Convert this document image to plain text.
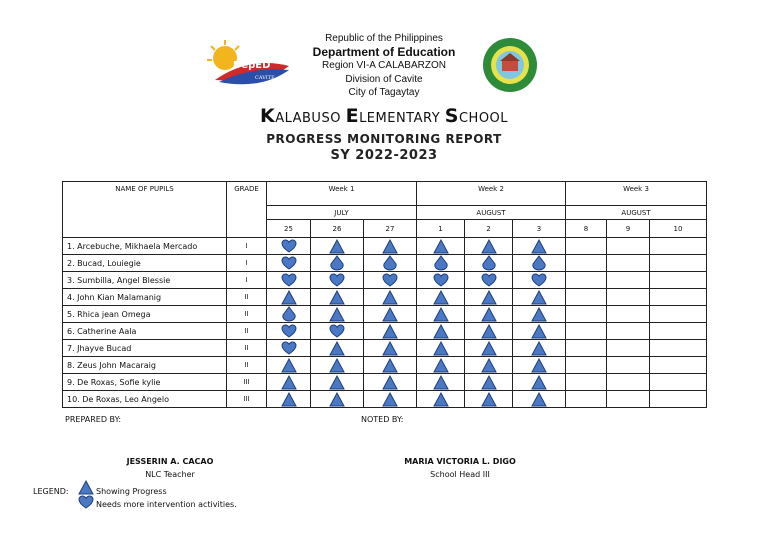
DepED
CAVITE
Republic of the Philippines
Department of Education
Region VI-A CALABARZON
Division of Cavite
City of Tagaytay
KALABUSO ELEMENTARY SCHOOL
PROGRESS MONITORING REPORT
SY 2022-2023
NAME OF PUPILS	GRADE	Week 1			Week 2			Week 3		
		JULY			AUGUST			AUGUST		
		25	26	27	1	2	3	8	9	10
1. Arcebuche, Mikhaela Mercado	I	

2. Bucad, Louiegie	I	

3. Sumbilla, Angel Blessie	I	

4. John Kian Malamanig	II	

5. Rhica jean Omega	II	

6. Catherine Aala	II	

7. Jhayve Bucad	II	

8. Zeus John Macaraig	II	

9. De Roxas, Sofie kylie	III	

10. De Roxas, Leo Angelo	III	

PREPARED BY:	NOTED BY:
JESSERIN A. CACAO
NLC Teacher
MARIA VICTORIA L. DIGO
School Head III
LEGEND:	Showing Progress
Needs more intervention activities.
